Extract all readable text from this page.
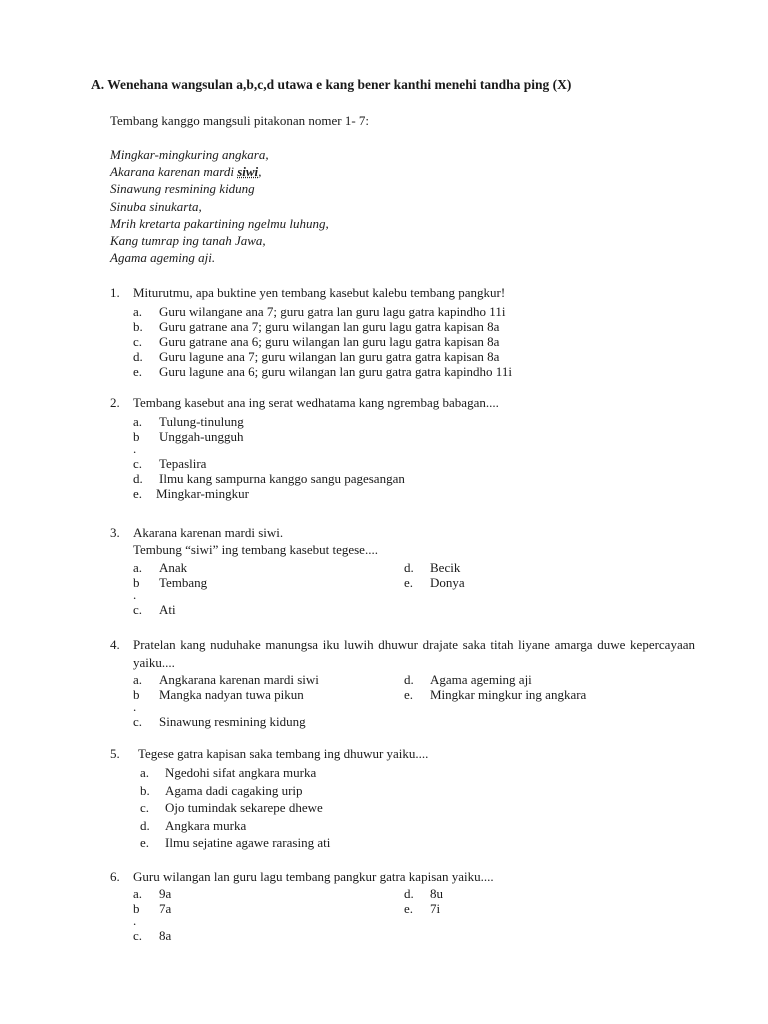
A. Wenehana wangsulan a,b,c,d utawa e kang bener kanthi menehi tandha ping (X)
Tembang kanggo mangsuli pitakonan nomer 1- 7:
Mingkar-mingkuring angkara,
Akarana karenan mardi siwi,
Sinawung resmining kidung
Sinuba sinukarta,
Mrih kretarta pakartining ngelmu luhung,
Kang tumrap ing tanah Jawa,
Agama ageming aji.
1.	Miturutmu, apa buktine yen tembang kasebut kalebu tembang pangkur!
a. Guru wilangane ana 7; guru gatra lan guru lagu gatra kapindho 11i
b. Guru gatrane ana 7; guru wilangan lan guru lagu gatra kapisan 8a
c. Guru gatrane ana 6; guru wilangan lan guru lagu gatra kapisan 8a
d. Guru lagune ana 7; guru wilangan lan guru gatra gatra kapisan 8a
e. Guru lagune ana 6; guru wilangan lan guru gatra gatra kapindho 11i
2.	Tembang kasebut ana ing serat wedhatama kang ngrembag babagan....
a. Tulung-tinulung
b Unggah-ungguh
.
c. Tepaslira
d. Ilmu kang sampurna kanggo sangu pagesangan
e. Mingkar-mingkur
3.	Akarana karenan mardi siwi.
Tembung “siwi” ing tembang kasebut tegese....
a. Anak	d. Becik
b Tembang	e. Donya
.
c. Ati
4.	Pratelan kang nuduhake manungsa iku luwih dhuwur drajate saka titah liyane amarga duwe kepercayaan yaiku....
a. Angkarana karenan mardi siwi	d. Agama ageming aji
b Mangka nadyan tuwa pikun	e. Mingkar mingkur ing angkara
.
c. Sinawung resmining kidung
5.	Tegese gatra kapisan saka tembang ing dhuwur yaiku....
a. Ngedohi sifat angkara murka
b. Agama dadi cagaking urip
c. Ojo tumindak sekarepe dhewe
d. Angkara murka
e. Ilmu sejatine agawe rarasing ati
6.	Guru wilangan lan guru lagu tembang pangkur gatra kapisan yaiku....
a. 9a	d. 8u
b 7a	e. 7i
.
c. 8a
